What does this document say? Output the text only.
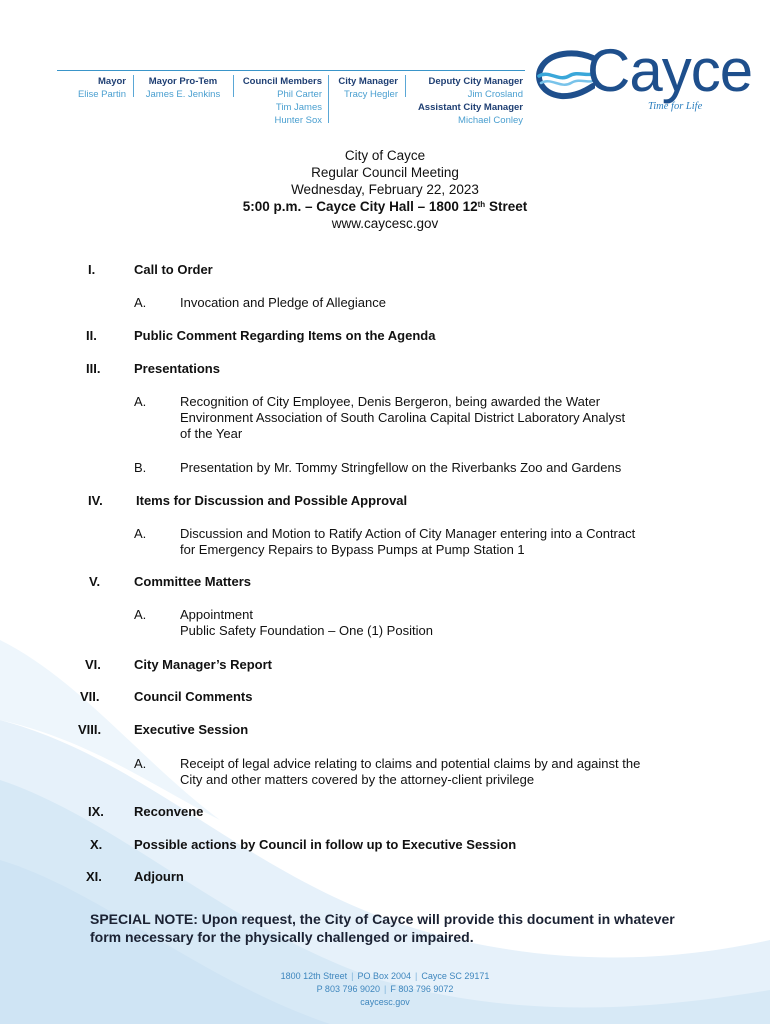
Mayor
Elise Partin
Mayor Pro-Tem
James E. Jenkins
Council Members
Phil Carter
Tim James
Hunter Sox
City Manager
Tracy Hegler
Deputy City Manager
Jim Crosland
Assistant City Manager
Michael Conley
Cayce
Time for Life
City of Cayce
Regular Council Meeting
Wednesday, February 22, 2023
5:00 p.m. – Cayce City Hall – 1800 12th Street
www.caycesc.gov
I.	Call to Order
A.	Invocation and Pledge of Allegiance
II.	Public Comment Regarding Items on the Agenda
III.	Presentations
A.	Recognition of City Employee, Denis Bergeron, being awarded the Water
Environment Association of South Carolina Capital District Laboratory Analyst
of the Year
B.	Presentation by Mr. Tommy Stringfellow on the Riverbanks Zoo and Gardens
IV.	Items for Discussion and Possible Approval
A.	Discussion and Motion to Ratify Action of City Manager entering into a Contract
for Emergency Repairs to Bypass Pumps at Pump Station 1
V.	Committee Matters
A.	Appointment
Public Safety Foundation – One (1) Position
VI.	City Manager’s Report
VII.	Council Comments
VIII.	Executive Session
A.	Receipt of legal advice relating to claims and potential claims by and against the
City and other matters covered by the attorney-client privilege
IX. Reconvene
X. Possible actions by Council in follow up to Executive Session
XI. Adjourn
SPECIAL NOTE: Upon request, the City of Cayce will provide this document in whatever form necessary for the physically challenged or impaired.
1800 12th Street | PO Box 2004 | Cayce SC 29171
P 803 796 9020 | F 803 796 9072
caycesc.gov
